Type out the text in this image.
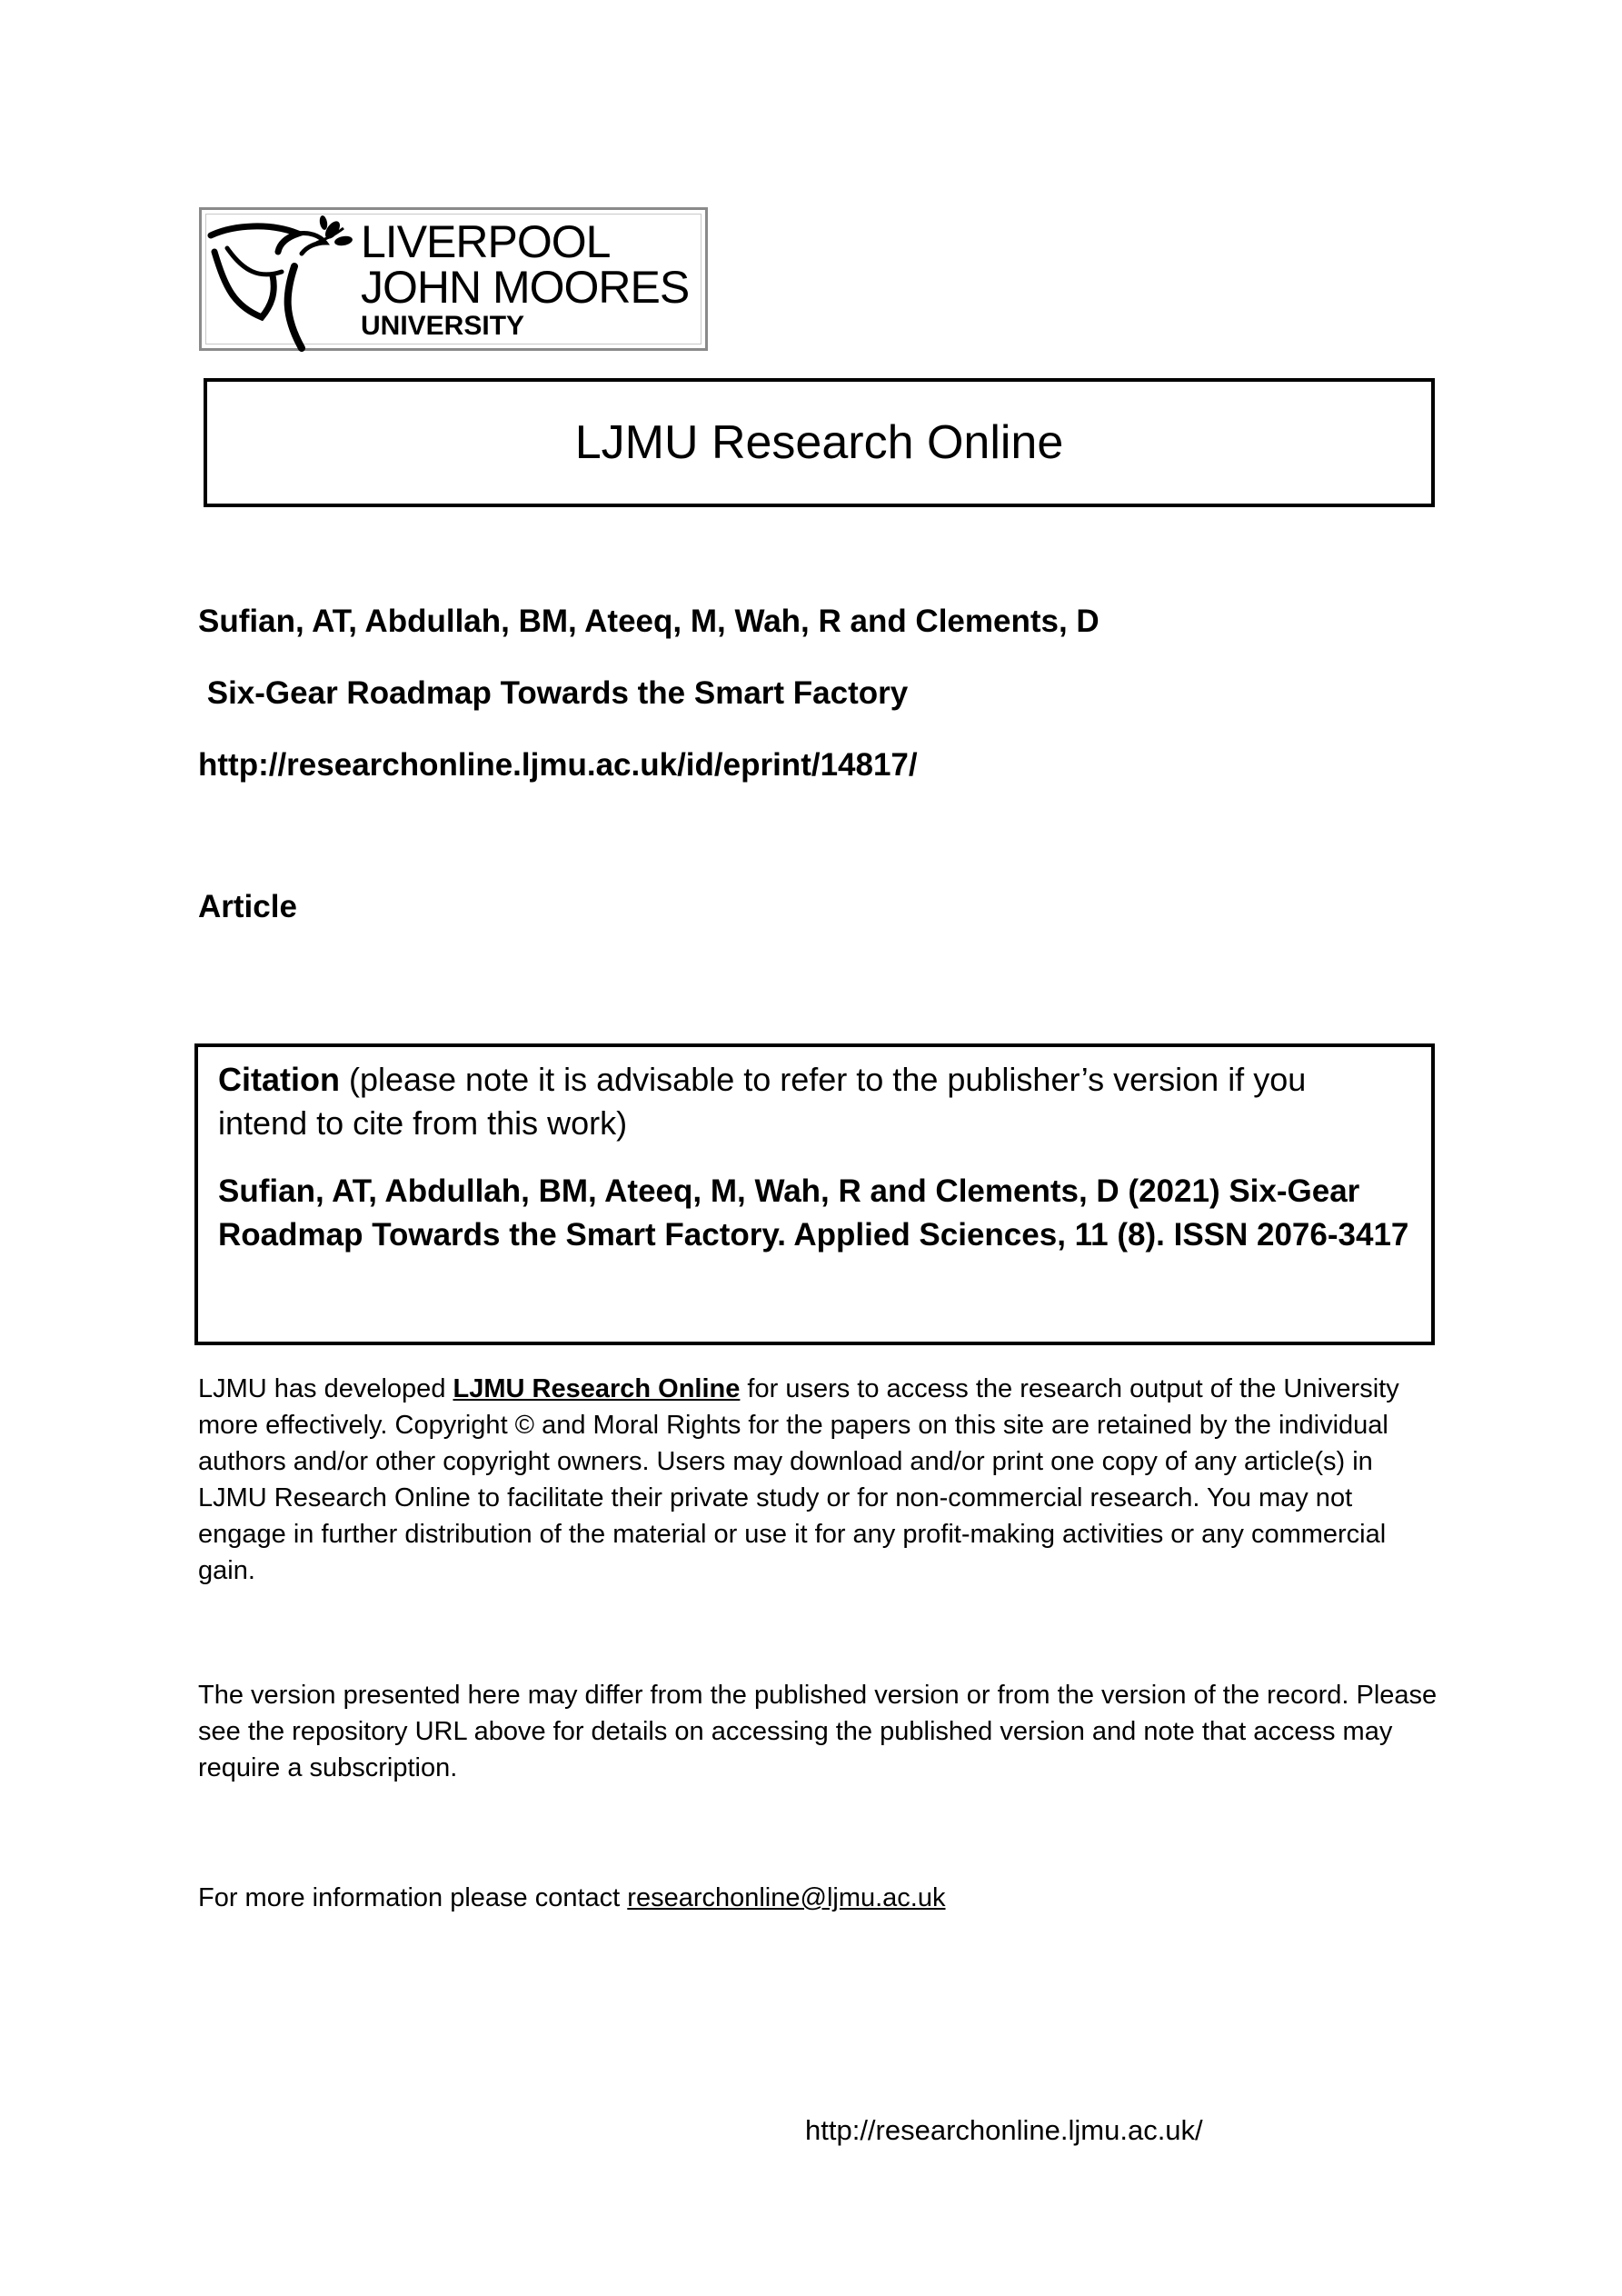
LIVERPOOL
JOHN MOORES
UNIVERSITY
LJMU Research Online
Sufian, AT, Abdullah, BM, Ateeq, M, Wah, R and Clements, D
Six-Gear Roadmap Towards the Smart Factory
http://researchonline.ljmu.ac.uk/id/eprint/14817/
Article
Citation (please note it is advisable to refer to the publisher’s version if you intend to cite from this work)
Sufian, AT, Abdullah, BM, Ateeq, M, Wah, R and Clements, D (2021) Six-Gear Roadmap Towards the Smart Factory. Applied Sciences, 11 (8). ISSN 2076-3417
LJMU has developed LJMU Research Online for users to access the research output of the University more effectively. Copyright © and Moral Rights for the papers on this site are retained by the individual authors and/or other copyright owners. Users may download and/or print one copy of any article(s) in LJMU Research Online to facilitate their private study or for non-commercial research. You may not engage in further distribution of the material or use it for any profit-making activities or any commercial gain.
The version presented here may differ from the published version or from the version of the record. Please see the repository URL above for details on accessing the published version and note that access may require a subscription.
For more information please contact researchonline@ljmu.ac.uk
http://researchonline.ljmu.ac.uk/
